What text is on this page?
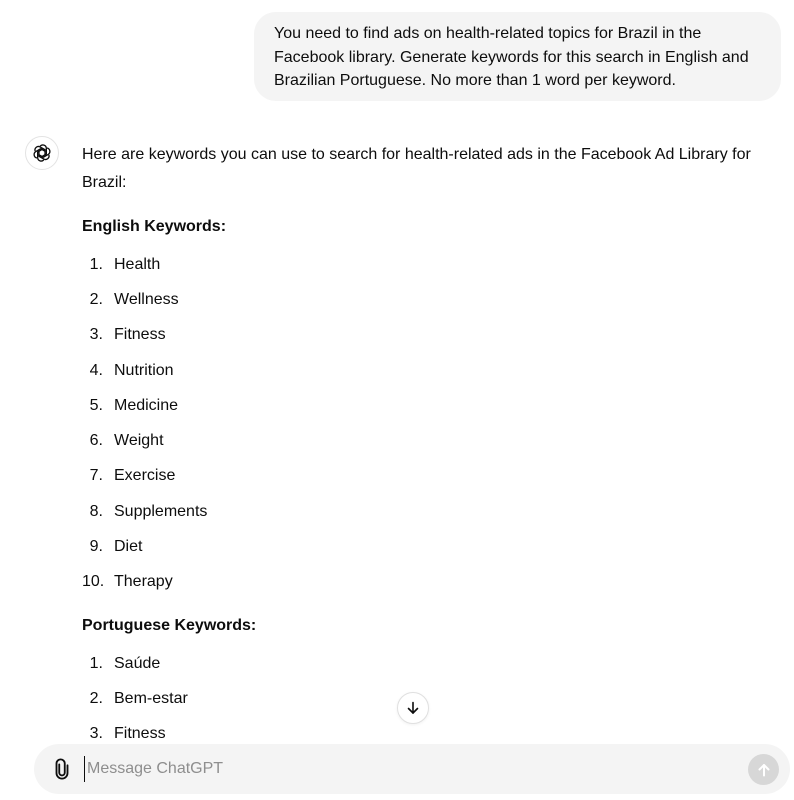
You need to find ads on health-related topics for Brazil in the Facebook library. Generate keywords for this search in English and Brazilian Portuguese. No more than 1 word per keyword.

Here are keywords you can use to search for health-related ads in the Facebook Ad Library for Brazil:

English Keywords:

1. Health
2. Wellness
3. Fitness
4. Nutrition
5. Medicine
6. Weight
7. Exercise
8. Supplements
9. Diet
10. Therapy

Portuguese Keywords:

1. Saúde
2. Bem-estar
3. Fitness
Message ChatGPT
